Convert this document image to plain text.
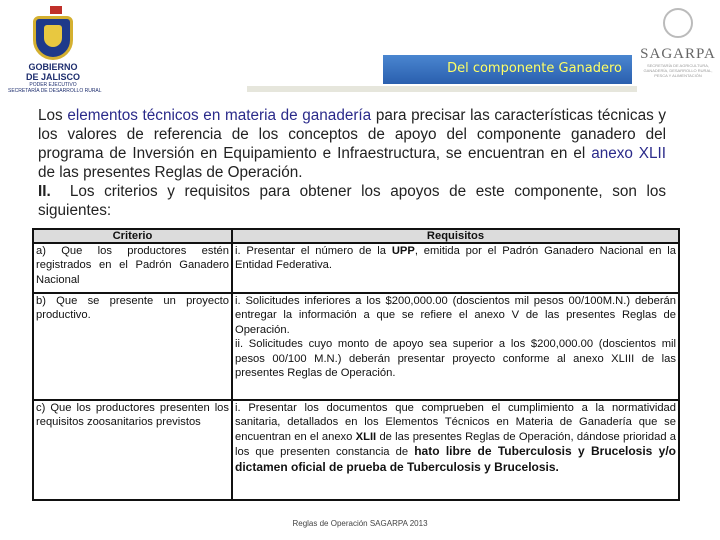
GOBIERNO
DE JALISCO
PODER EJECUTIVO
SECRETARÍA DE DESARROLLO RURAL
Del componente Ganadero
SAGARPA
SECRETARÍA DE AGRICULTURA, GANADERÍA, DESARROLLO RURAL, PESCA Y ALIMENTACIÓN
Los elementos técnicos en materia de ganadería para precisar las características técnicas y los valores de referencia de los conceptos de apoyo del componente ganadero del programa de Inversión en Equipamiento e Infraestructura, se encuentran en el anexo XLII de las presentes Reglas de Operación.
II. Los criterios y requisitos para obtener los apoyos de este componente, son los siguientes:
Criterio	Requisitos
a) Que los productores estén registrados en el Padrón Ganadero Nacional	i. Presentar el número de la UPP, emitida por el Padrón Ganadero Nacional en la Entidad Federativa.
b) Que se presente un proyecto productivo.	i. Solicitudes inferiores a los $200,000.00 (doscientos mil pesos 00/100M.N.) deberán entregar la información a que se refiere el anexo V de las presentes Reglas de Operación.
ii. Solicitudes cuyo monto de apoyo sea superior a los $200,000.00 (doscientos mil pesos 00/100 M.N.) deberán presentar proyecto conforme al anexo XLIII de las presentes Reglas de Operación.

c) Que los productores presenten los requisitos zoosanitarios previstos	i. Presentar los documentos que comprueben el cumplimiento a la normatividad sanitaria, detallados en los Elementos Técnicos en Materia de Ganadería que se encuentran en el anexo XLII de las presentes Reglas de Operación, dándose prioridad a los que presenten constancia de hato libre de Tuberculosis y Brucelosis y/o dictamen oficial de prueba de Tuberculosis y Brucelosis.
Reglas de Operación SAGARPA 2013
